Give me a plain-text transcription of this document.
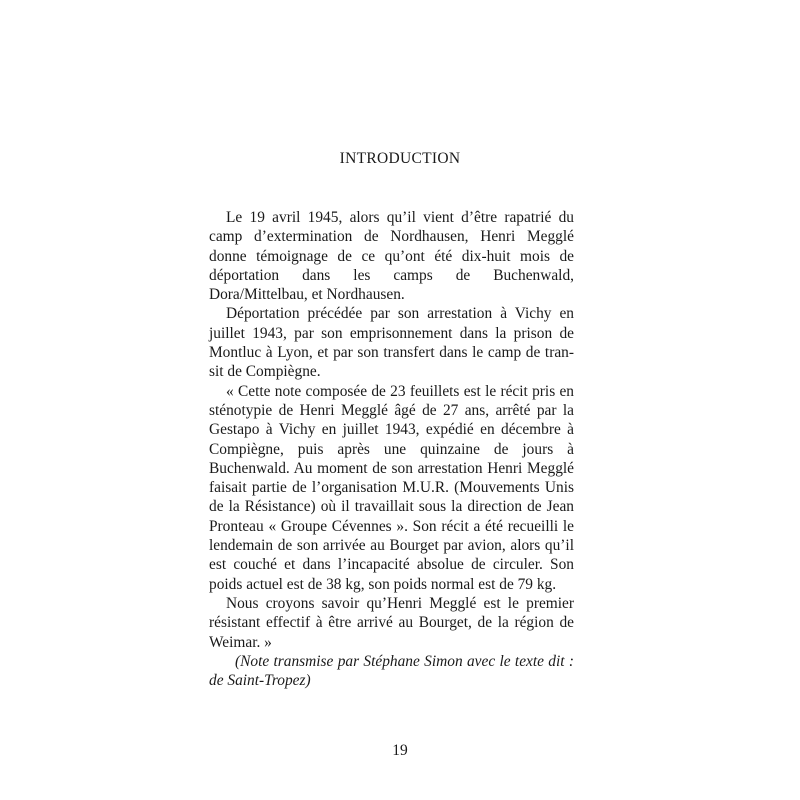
INTRODUCTION

Le 19 avril 1945, alors qu’il vient d’être rapatrié du camp d’extermination de Nordhausen, Henri Megglé donne témoignage de ce qu’ont été dix-huit mois de déportation dans les camps de Buchenwald, Dora/Mittelbau, et Nordhausen.

Déportation précédée par son arrestation à Vichy en juillet 1943, par son emprisonnement dans la prison de Montluc à Lyon, et par son transfert dans le camp de transit de Compiègne.

« Cette note composée de 23 feuillets est le récit pris en sténotypie de Henri Megglé âgé de 27 ans, arrêté par la Gestapo à Vichy en juillet 1943, expédié en décembre à Compiègne, puis après une quinzaine de jours à Buchenwald. Au moment de son arrestation Henri Megglé faisait partie de l’organisation M.U.R. (Mouvements Unis de la Résistance) où il travaillait sous la direction de Jean Pronteau « Groupe Cévennes ». Son récit a été recueilli le lendemain de son arrivée au Bourget par avion, alors qu’il est couché et dans l’incapacité absolue de circuler. Son poids actuel est de 38 kg, son poids normal est de 79 kg.

Nous croyons savoir qu’Henri Megglé est le premier résistant effectif à être arrivé au Bourget, de la région de Weimar. »

(Note transmise par Stéphane Simon avec le texte dit : de Saint-Tropez)

19
